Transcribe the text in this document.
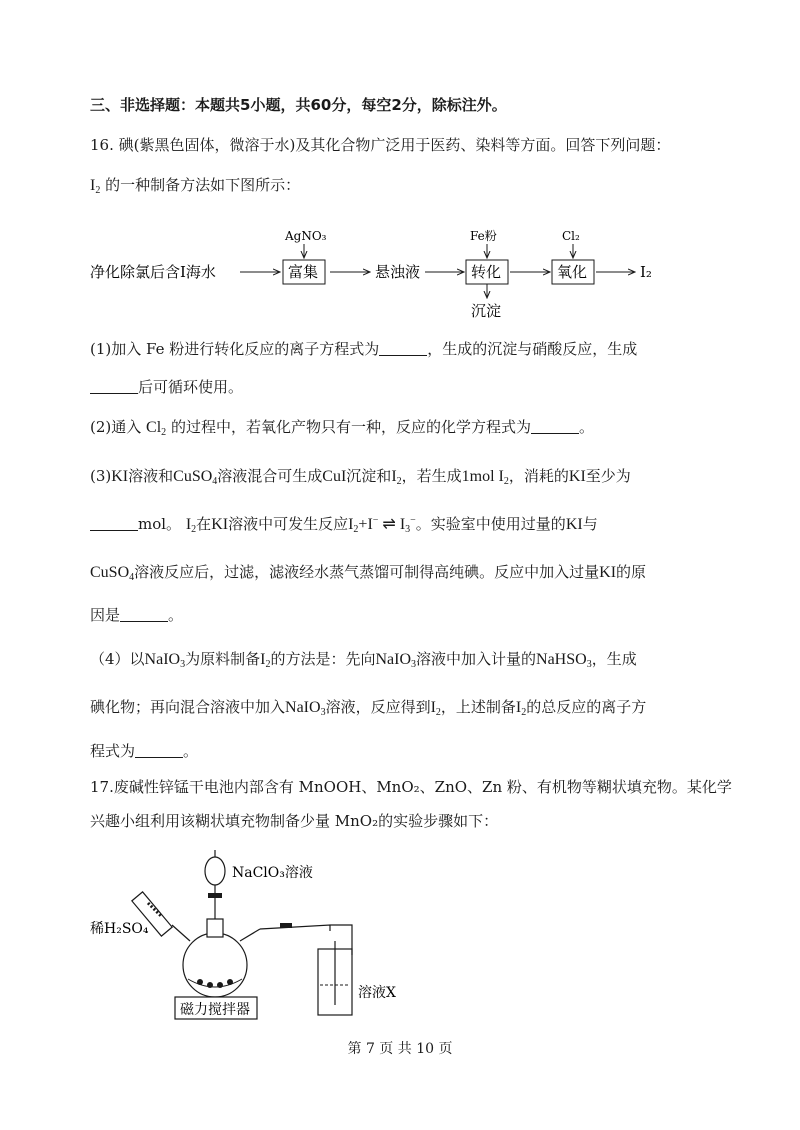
三、非选择题：本题共5小题，共60分，每空2分，除标注外。
16. 碘(紫黑色固体，微溶于水)及其化合物广泛用于医药、染料等方面。回答下列问题：
$I_2$ 的一种制备方法如下图所示：
净化除氯后含I海水
AgNO₃
富集	悬浊液
Fe粉
转化
沉淀
Cl₂
氧化	I₂
(1)加入 Fe 粉进行转化反应的离子方程式为	，生成的沉淀与硝酸反应，生成
后可循环使用。
(2)通入 $Cl_2$ 的过程中，若氧化产物只有一种，反应的化学方程式为	。
(3)KI溶液和CuSO$_4$溶液混合可生成CuI沉淀和$I_2$，若生成1mol $I_2$，消耗的KI至少为
mol。 $I_2$在KI溶液中可发生反应$I_2+I^-$ ⇌ $I_3^-$。实验室中使用过量的KI与
CuSO$_4$溶液反应后，过滤，滤液经水蒸气蒸馏可制得高纯碘。反应中加入过量KI的原
因是	。
（4）以NaIO$_3$为原料制备$I_2$的方法是：先向NaIO$_3$溶液中加入计量的NaHSO$_3$，生成
碘化物；再向混合溶液中加入NaIO$_3$溶液，反应得到$I_2$，上述制备$I_2$的总反应的离子方
程式为	。
17.废碱性锌锰干电池内部含有 MnOOH、MnO₂、ZnO、Zn 粉、有机物等糊状填充物。某化学
兴趣小组利用该糊状填充物制备少量 MnO₂的实验步骤如下：
NaClO₃溶液
稀H₂SO₄
磁力搅拌器
溶液X
第 7 页 共 10 页
